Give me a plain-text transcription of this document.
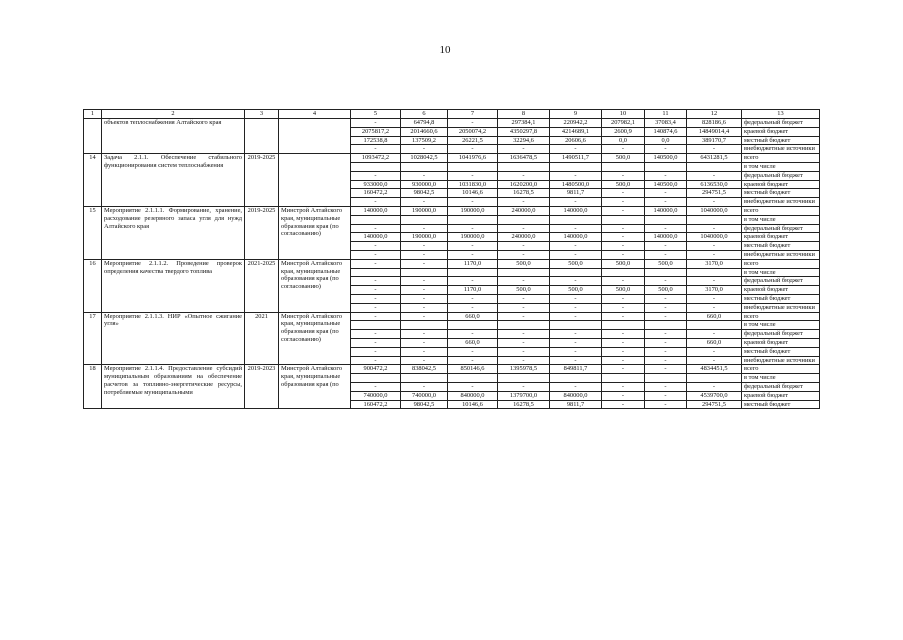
10
1	2	3	4	5	6	7	8	9	10	11	12	13
	объектов теплоснабжения Алтайского края			-	64794,8	-	297384,1	220942,2	207982,1	37083,4	828186,6	федеральный бюджет
				2075817,2	2014660,6	2050074,2	4350297,8	4214689,1	2600,9	140874,6	14849014,4	краевой бюджет
				172538,8	137509,2	26221,5	32294,6	20606,6	0,0	0,0	389170,7	местный бюджет
				-	-	-	-	-	-	-	-	внебюджетные источники
14	Задача 2.1.1. Обеспечение стабильного функционирования систем теплоснабжения	2019-2025		1093472,2	1028042,5	1041976,6	1636478,5	1490511,7	500,0	140500,0	6431281,5	всего
												в том числе
				-	-	-	-	-	-	-	-	федеральный бюджет
				933000,0	930000,0	1031830,0	1620200,0	1480500,0	500,0	140500,0	6136530,0	краевой бюджет
				160472,2	98042,5	10146,6	16278,5	9811,7	-	-	294751,5	местный бюджет
				-	-	-	-	-	-	-	-	внебюджетные источники
15	Мероприятие 2.1.1.1. Формирование, хранение, расходование резервного запаса угля для нужд Алтайского края	2019-2025	Минстрой Алтайского края, муниципальные образования края (по согласованию)	140000,0	190000,0	190000,0	240000,0	140000,0	-	140000,0	1040000,0	всего
												в том числе
				-	-	-	-	-	-	-	-	федеральный бюджет
				140000,0	190000,0	190000,0	240000,0	140000,0	-	140000,0	1040000,0	краевой бюджет
				-	-	-	-	-	-	-	-	местный бюджет
				-	-	-	-	-	-	-	-	внебюджетные источники
16	Мероприятие 2.1.1.2. Проведение проверок определения качества твердого топлива	2021-2025	Минстрой Алтайского края, муниципальные образования края (по согласованию)	-	-	1170,0	500,0	500,0	500,0	500,0	3170,0	всего
												в том числе
				-	-	-	-	-	-	-	-	федеральный бюджет
				-	-	1170,0	500,0	500,0	500,0	500,0	3170,0	краевой бюджет
				-	-	-	-	-	-	-	-	местный бюджет
				-	-	-	-	-	-	-	-	внебюджетные источники
17	Мероприятие 2.1.1.3. НИР «Опытное сжигание угля»	2021	Минстрой Алтайского края, муниципальные образования края (по согласованию)	-	-	660,0	-	-	-	-	660,0	всего
												в том числе
				-	-	-	-	-	-	-	-	федеральный бюджет
				-	-	660,0	-	-	-	-	660,0	краевой бюджет
				-	-	-	-	-	-	-	-	местный бюджет
				-	-	-	-	-	-	-	-	внебюджетные источники
18	Мероприятие 2.1.1.4. Предоставление субсидий муниципальным образованиям на обеспечение расчетов за топливно-энергетические ресурсы, потребляемые муниципальными	2019-2023	Минстрой Алтайского края, муниципальные образования края (по	900472,2	838042,5	850146,6	1395978,5	849811,7	-	-	4834451,5	всего
												в том числе
				-	-	-	-	-	-	-	-	федеральный бюджет
				740000,0	740000,0	840000,0	1379700,0	840000,0	-	-	4539700,0	краевой бюджет
				160472,2	98042,5	10146,6	16278,5	9811,7	-	-	294751,5	местный бюджет
